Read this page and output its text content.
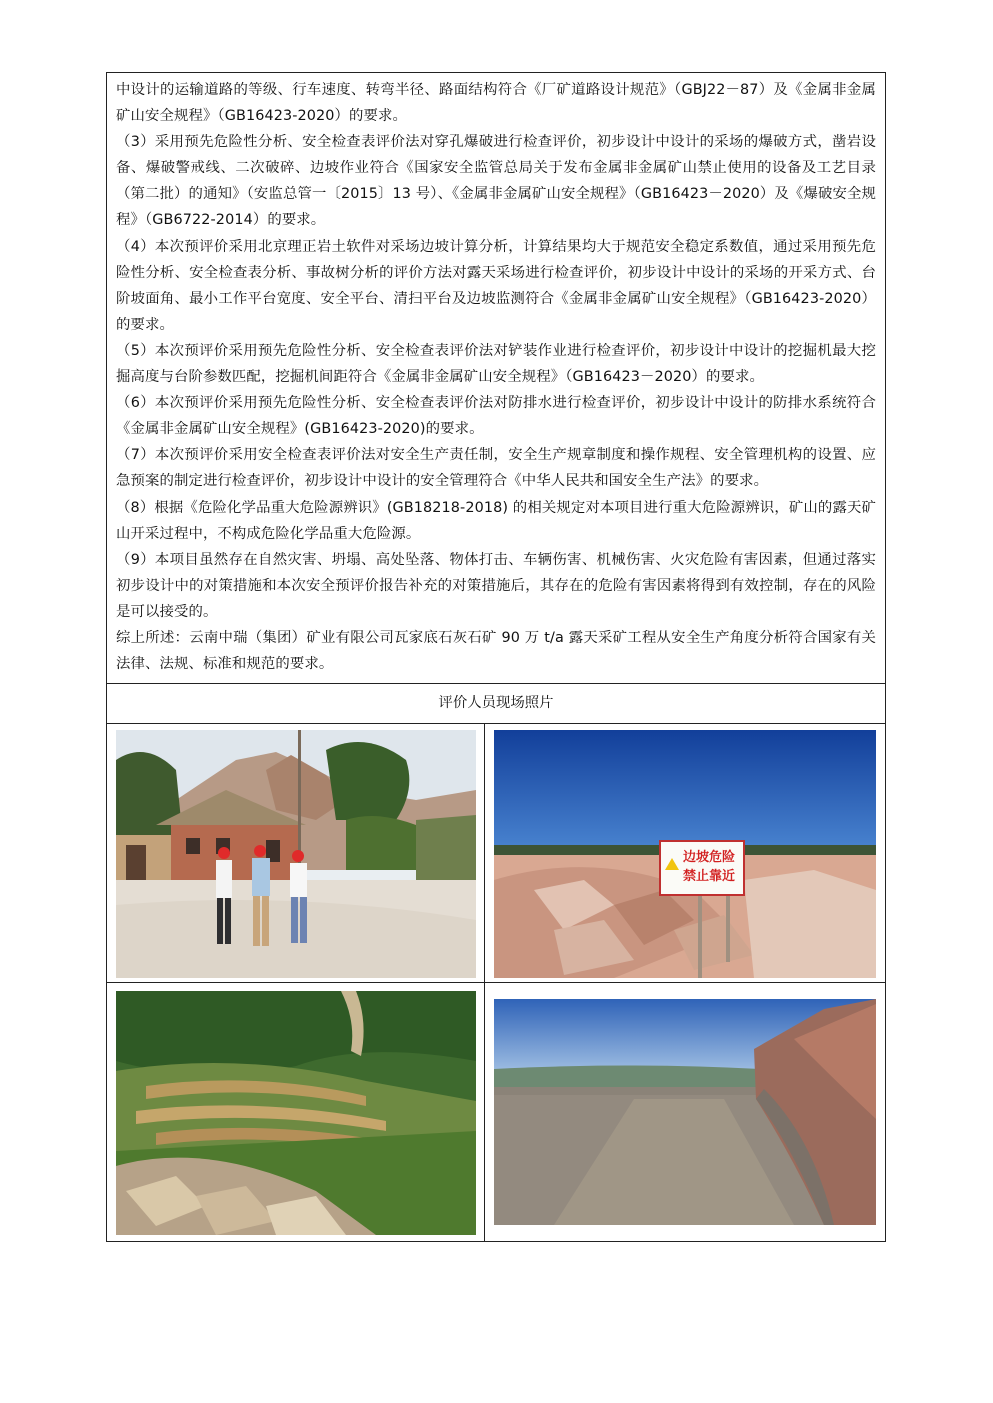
中设计的运输道路的等级、行车速度、转弯半径、路面结构符合《厂矿道路设计规范》（GBJ22－87）及《金属非金属矿山安全规程》（GB16423-2020）的要求。

（3）采用预先危险性分析、安全检查表评价法对穿孔爆破进行检查评价，初步设计中设计的采场的爆破方式，凿岩设备、爆破警戒线、二次破碎、边坡作业符合《国家安全监管总局关于发布金属非金属矿山禁止使用的设备及工艺目录（第二批）的通知》（安监总管一〔2015〕13 号）、《金属非金属矿山安全规程》（GB16423－2020）及《爆破安全规程》（GB6722-2014）的要求。

（4）本次预评价采用北京理正岩土软件对采场边坡计算分析，计算结果均大于规范安全稳定系数值，通过采用预先危险性分析、安全检查表分析、事故树分析的评价方法对露天采场进行检查评价，初步设计中设计的采场的开采方式、台阶坡面角、最小工作平台宽度、安全平台、清扫平台及边坡监测符合《金属非金属矿山安全规程》（GB16423-2020）的要求。

（5）本次预评价采用预先危险性分析、安全检查表评价法对铲装作业进行检查评价，初步设计中设计的挖掘机最大挖掘高度与台阶参数匹配，挖掘机间距符合《金属非金属矿山安全规程》（GB16423－2020）的要求。

（6）本次预评价采用预先危险性分析、安全检查表评价法对防排水进行检查评价，初步设计中设计的防排水系统符合《金属非金属矿山安全规程》(GB16423-2020)的要求。

（7）本次预评价采用安全检查表评价法对安全生产责任制，安全生产规章制度和操作规程、安全管理机构的设置、应急预案的制定进行检查评价，初步设计中设计的安全管理符合《中华人民共和国安全生产法》的要求。

（8）根据《危险化学品重大危险源辨识》(GB18218-2018) 的相关规定对本项目进行重大危险源辨识，矿山的露天矿山开采过程中，不构成危险化学品重大危险源。

（9）本项目虽然存在自然灾害、坍塌、高处坠落、物体打击、车辆伤害、机械伤害、火灾危险有害因素，但通过落实初步设计中的对策措施和本次安全预评价报告补充的对策措施后，其存在的危险有害因素将得到有效控制，存在的风险是可以接受的。

综上所述：云南中瑞（集团）矿业有限公司瓦家底石灰石矿 90 万 t/a 露天采矿工程从安全生产角度分析符合国家有关法律、法规、标准和规范的要求。

评价人员现场照片
边坡危险
禁止靠近
